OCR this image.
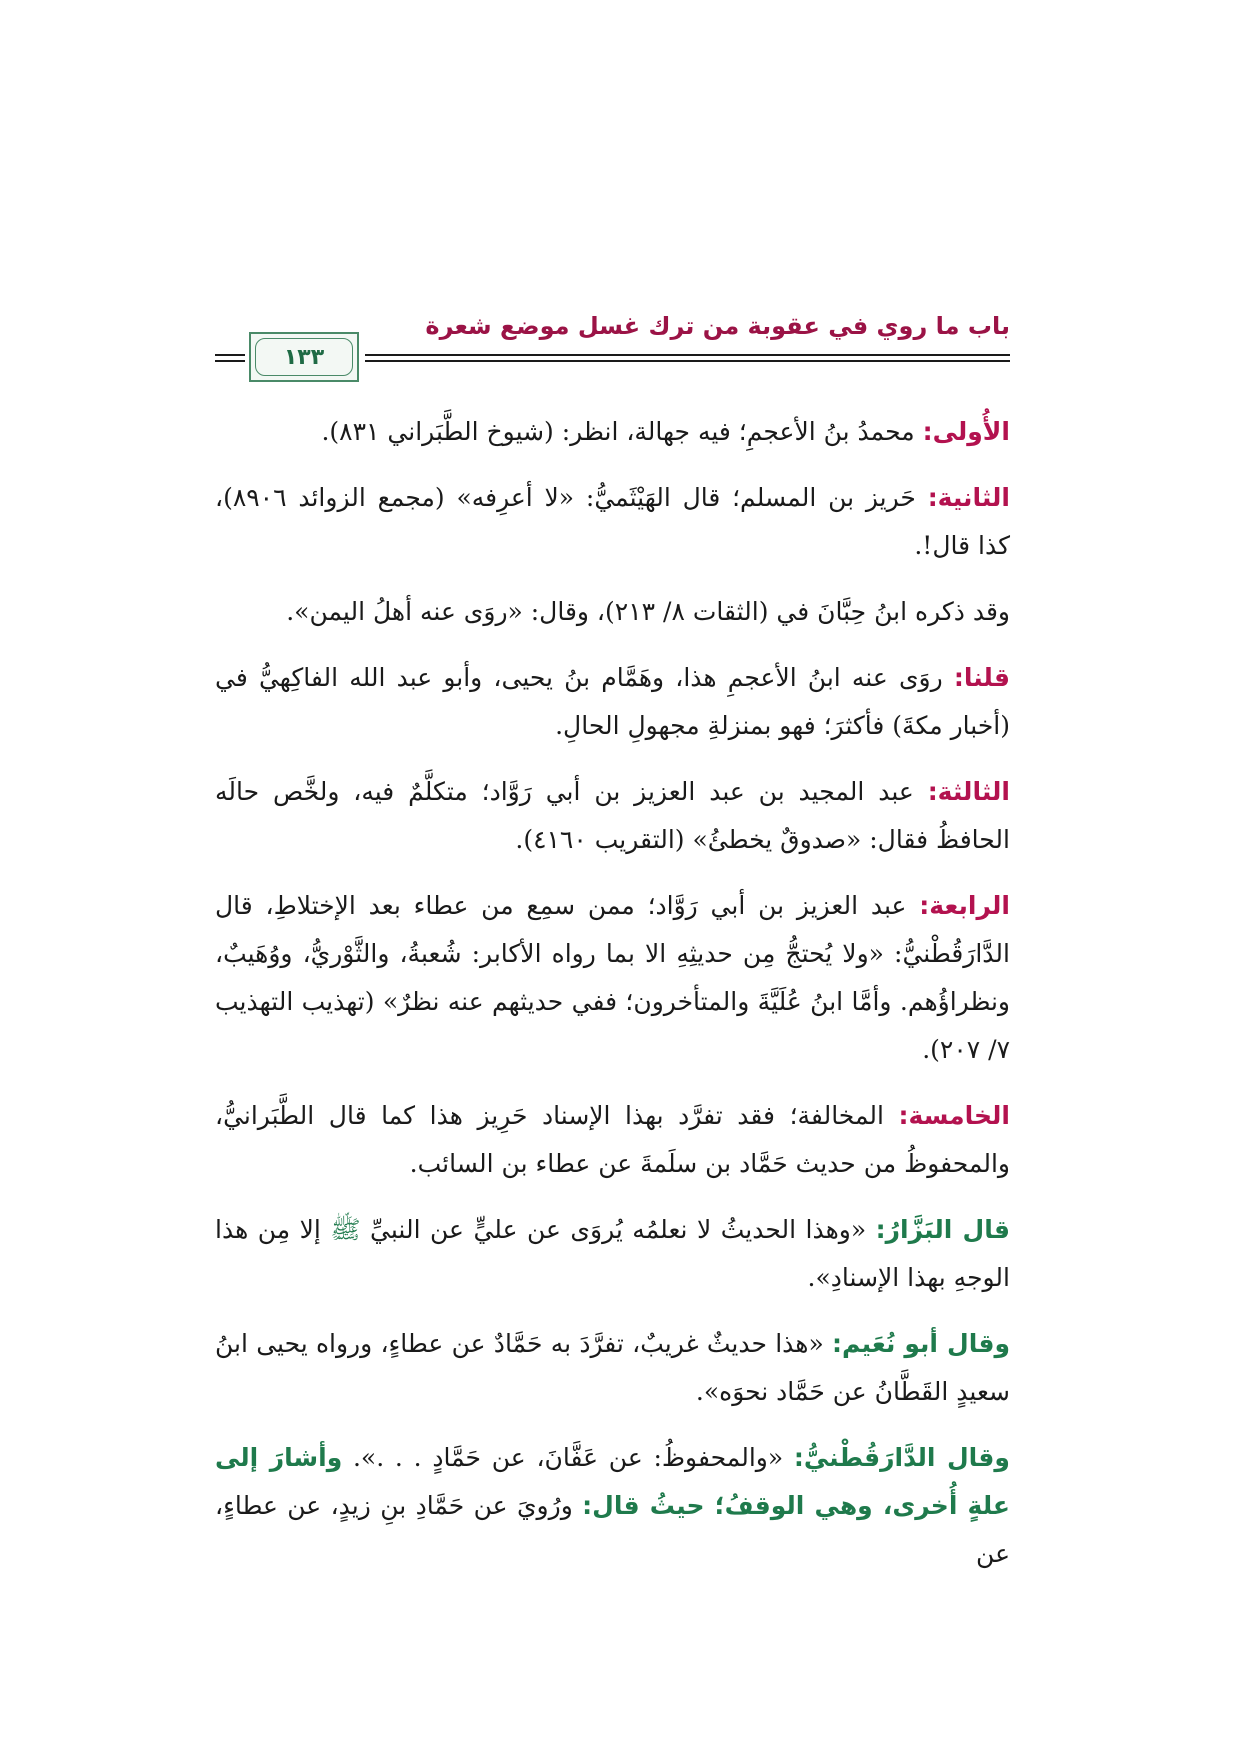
باب ما روي في عقوبة من ترك غسل موضع شعرة
١٣٣

الأُولى: محمدُ بنُ الأعجمِ؛ فيه جهالة، انظر: (شيوخ الطَّبَراني ٨٣١).

الثانية: حَريز بن المسلم؛ قال الهَيْثَميُّ: «لا أعرِفه» (مجمع الزوائد ٨٩٠٦)، كذا قال!.

وقد ذكره ابنُ حِبَّانَ في (الثقات ٨/ ٢١٣)، وقال: «روَى عنه أهلُ اليمن».

قلنا: روَى عنه ابنُ الأعجمِ هذا، وهَمَّام بنُ يحيى، وأبو عبد الله الفاكِهيُّ في (أخبار مكةَ) فأكثرَ؛ فهو بمنزلةِ مجهولِ الحالِ.

الثالثة: عبد المجيد بن عبد العزيز بن أبي رَوَّاد؛ متكلَّمٌ فيه، ولخَّص حالَه الحافظُ فقال: «صدوقٌ يخطئُ» (التقريب ٤١٦٠).

الرابعة: عبد العزيز بن أبي رَوَّاد؛ ممن سمِع من عطاء بعد الإختلاطِ، قال الدَّارَقُطْنيُّ: «ولا يُحتجُّ مِن حديثِهِ الا بما رواه الأكابر: شُعبةُ، والثَّوْريُّ، ووُهَيبٌ، ونظراؤُهم. وأمَّا ابنُ عُلَيَّةَ والمتأخرون؛ ففي حديثهم عنه نظرٌ» (تهذيب التهذيب ٧/ ٢٠٧).

الخامسة: المخالفة؛ فقد تفرَّد بهذا الإسناد حَرِيز هذا كما قال الطَّبَرانيُّ، والمحفوظُ من حديث حَمَّاد بن سلَمةَ عن عطاء بن السائب.

قال البَزَّارُ: «وهذا الحديثُ لا نعلمُه يُروَى عن عليٍّ عن النبيِّ ﷺ إلا مِن هذا الوجهِ بهذا الإسنادِ».

وقال أبو نُعَيم: «هذا حديثٌ غريبٌ، تفرَّدَ به حَمَّادٌ عن عطاءٍ، ورواه يحيى ابنُ سعيدٍ القَطَّانُ عن حَمَّاد نحوَه».

وقال الدَّارَقُطْنيُّ: «والمحفوظُ: عن عَفَّانَ، عن حَمَّادٍ . . .». وأشارَ إلى علةٍ أُخرى، وهي الوقفُ؛ حيثُ قال: ورُويَ عن حَمَّادِ بنِ زيدٍ، عن عطاءٍ، عن
